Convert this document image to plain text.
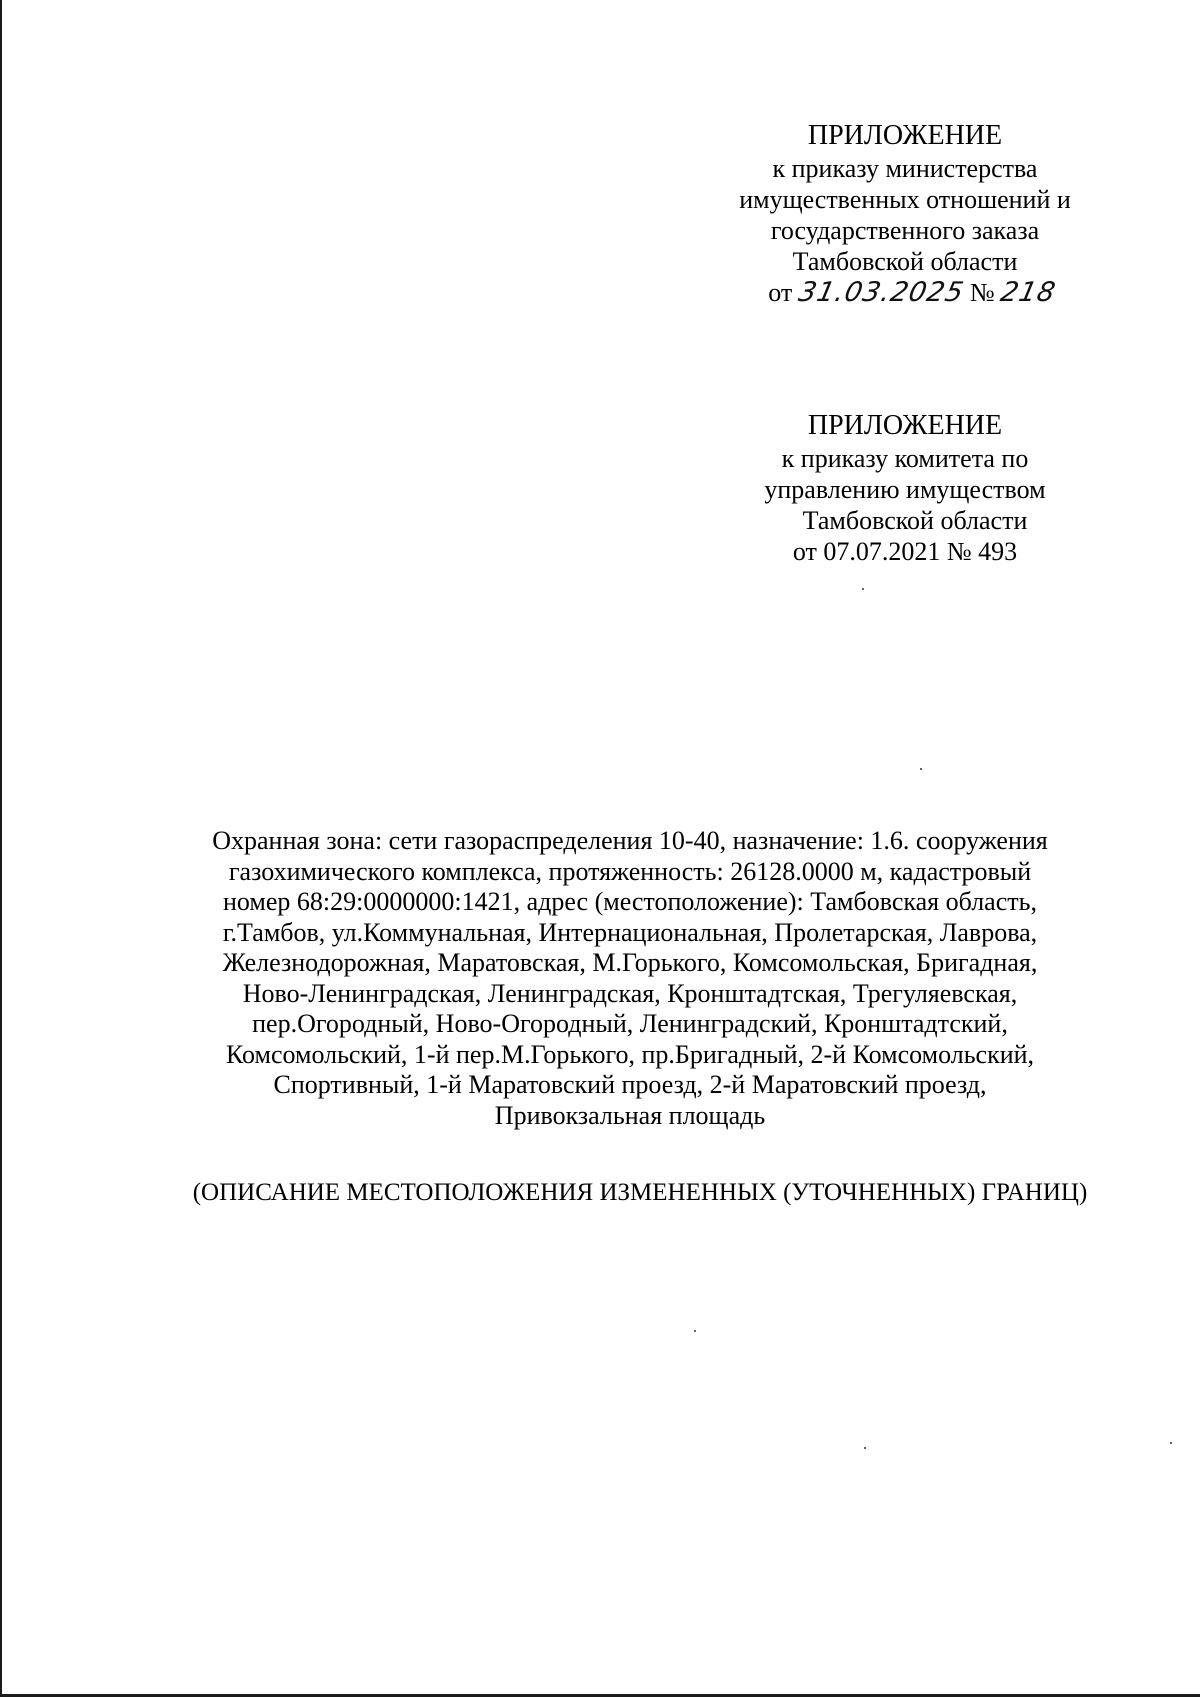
ПРИЛОЖЕНИЕ
к приказу министерства
имущественных отношений и
государственного заказа
Тамбовской области
от 31.03.2025 № 218
ПРИЛОЖЕНИЕ
к приказу комитета по
управлению имуществом
Тамбовской области
от 07.07.2021 № 493
Охранная зона: сети газораспределения 10-40, назначение: 1.6. сооружения
газохимического комплекса, протяженность: 26128.0000 м, кадастровый
номер 68:29:0000000:1421, адрес (местоположение): Тамбовская область,
г.Тамбов, ул.Коммунальная, Интернациональная, Пролетарская, Лаврова,
Железнодорожная, Маратовская, М.Горького, Комсомольская, Бригадная,
Ново-Ленинградская, Ленинградская, Кронштадтская, Трегуляевская,
пер.Огородный, Ново-Огородный, Ленинградский, Кронштадтский,
Комсомольский, 1-й пер.М.Горького, пр.Бригадный, 2-й Комсомольский,
Спортивный, 1-й Маратовский проезд, 2-й Маратовский проезд,
Привокзальная площадь
(ОПИСАНИЕ МЕСТОПОЛОЖЕНИЯ ИЗМЕНЕННЫХ (УТОЧНЕННЫХ) ГРАНИЦ)
